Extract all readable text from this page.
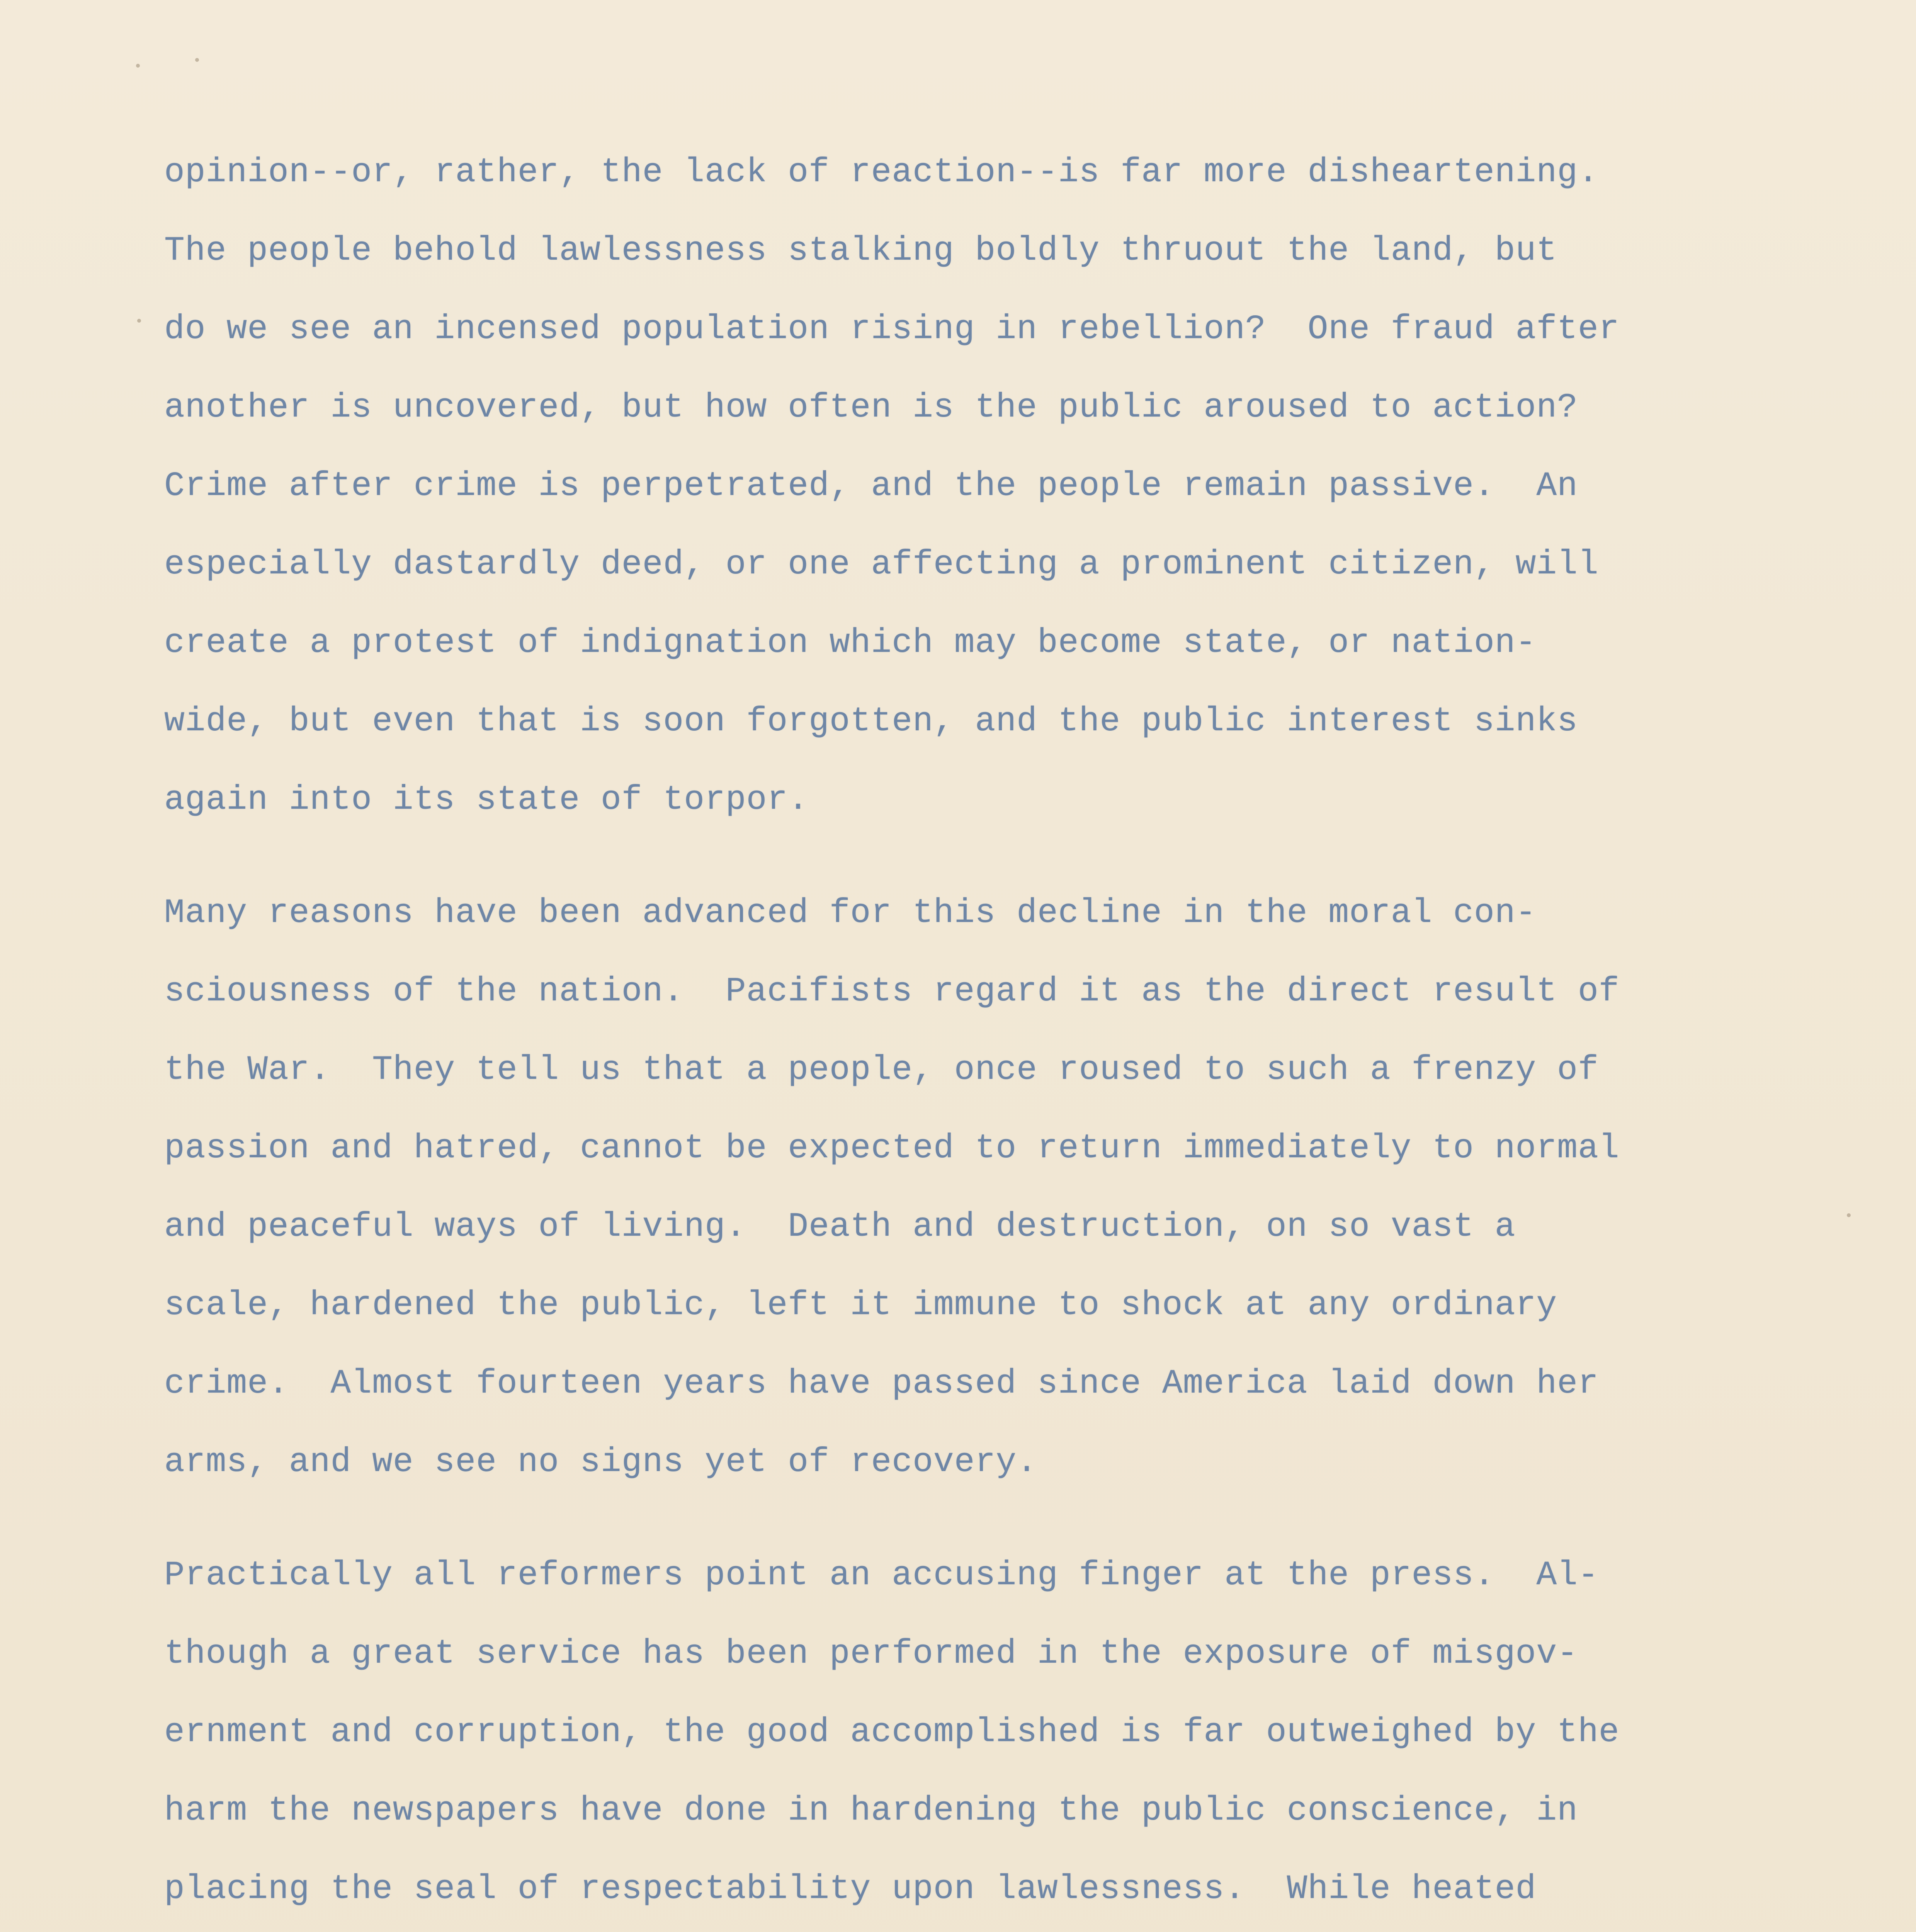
opinion--or, rather, the lack of reaction--is far more disheartening.
The people behold lawlessness stalking boldly thruout the land, but
do we see an incensed population rising in rebellion?  One fraud after
another is uncovered, but how often is the public aroused to action?
Crime after crime is perpetrated, and the people remain passive.  An
especially dastardly deed, or one affecting a prominent citizen, will
create a protest of indignation which may become state, or nation-
wide, but even that is soon forgotten, and the public interest sinks
again into its state of torpor.

Many reasons have been advanced for this decline in the moral con-
sciousness of the nation.  Pacifists regard it as the direct result of
the War.  They tell us that a people, once roused to such a frenzy of
passion and hatred, cannot be expected to return immediately to normal
and peaceful ways of living.  Death and destruction, on so vast a
scale, hardened the public, left it immune to shock at any ordinary
crime.  Almost fourteen years have passed since America laid down her
arms, and we see no signs yet of recovery.

Practically all reformers point an accusing finger at the press.  Al-
though a great service has been performed in the exposure of misgov-
ernment and corruption, the good accomplished is far outweighed by the
harm the newspapers have done in hardening the public conscience, in
placing the seal of respectability upon lawlessness.  While heated
